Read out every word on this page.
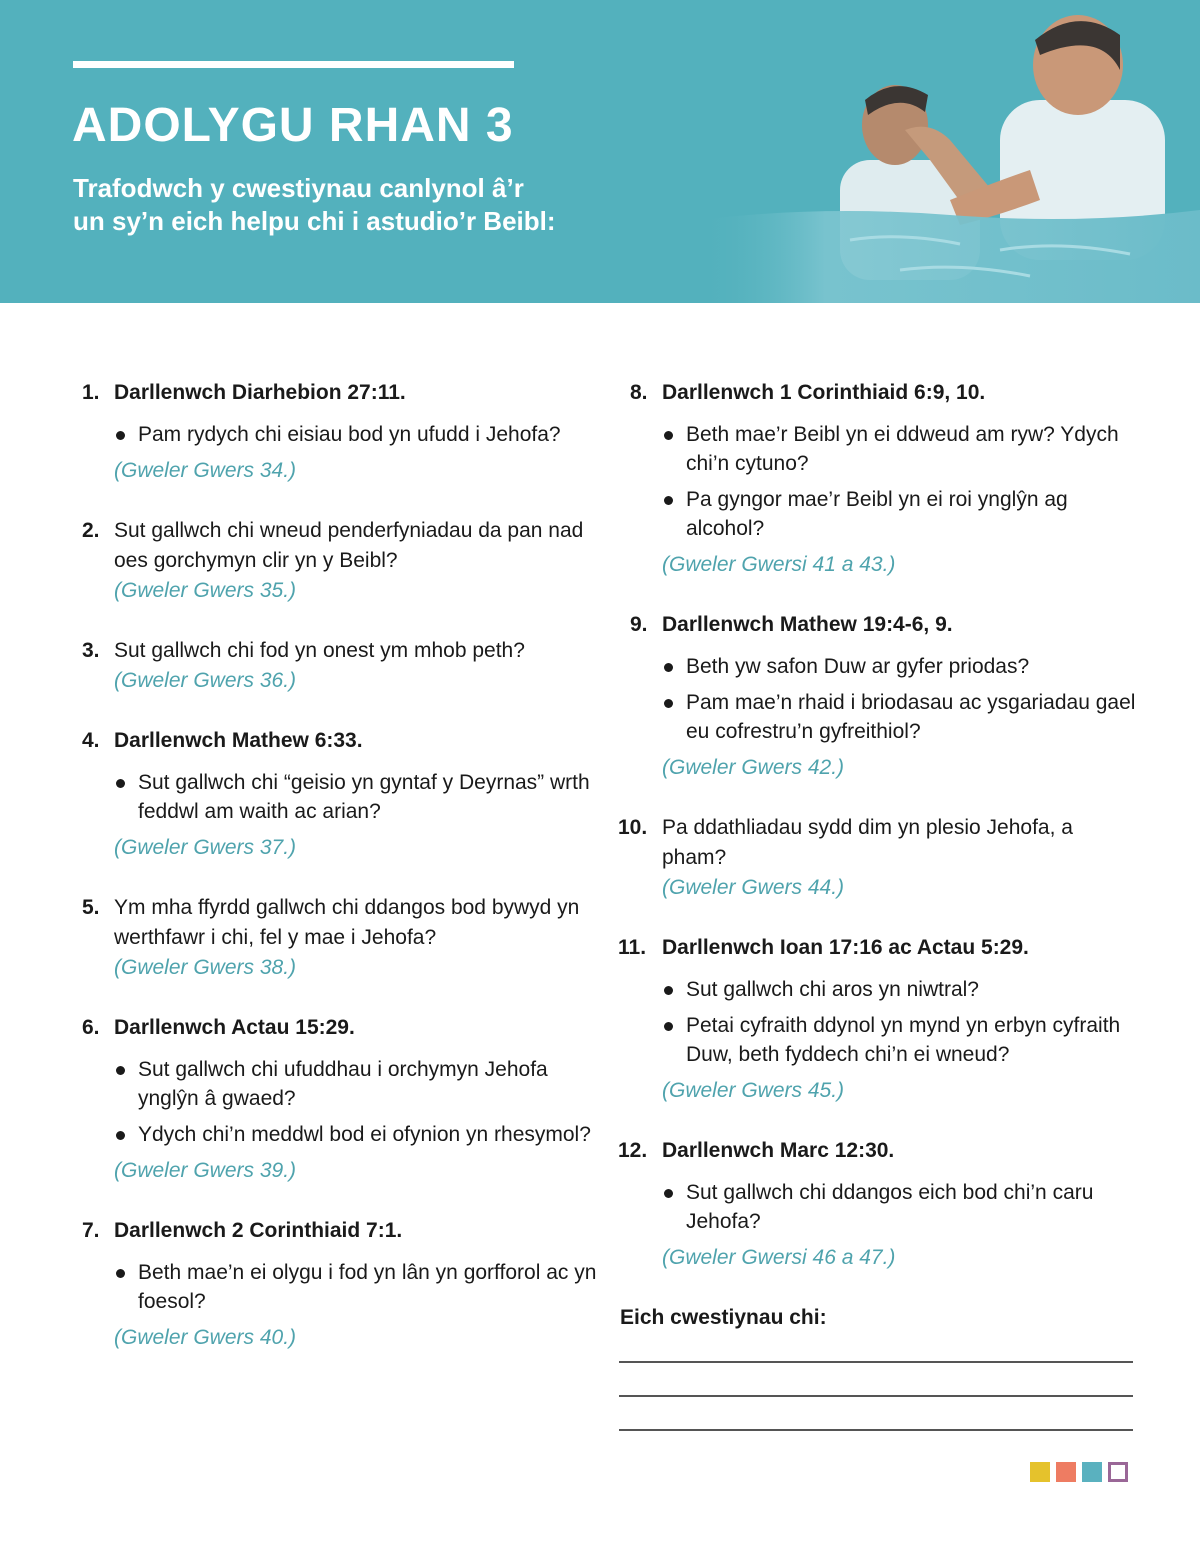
ADOLYGU RHAN 3
Trafodwch y cwestiynau canlynol â’r
un sy’n eich helpu chi i astudio’r Beibl:
1. Darllenwch Diarhebion 27:11.
Pam rydych chi eisiau bod yn ufudd i Jehofa?
(Gweler Gwers 34.)
2. Sut gallwch chi wneud penderfyniadau da pan nad oes gorchymyn clir yn y Beibl?
(Gweler Gwers 35.)
3. Sut gallwch chi fod yn onest ym mhob peth?
(Gweler Gwers 36.)
4. Darllenwch Mathew 6:33.
Sut gallwch chi “geisio yn gyntaf y Deyrnas” wrth feddwl am waith ac arian?
(Gweler Gwers 37.)
5. Ym mha ffyrdd gallwch chi ddangos bod bywyd yn werthfawr i chi, fel y mae i Jehofa?
(Gweler Gwers 38.)
6. Darllenwch Actau 15:29.
Sut gallwch chi ufuddhau i orchymyn Jehofa ynglŷn â gwaed?
Ydych chi’n meddwl bod ei ofynion yn rhesymol?
(Gweler Gwers 39.)
7. Darllenwch 2 Corinthiaid 7:1.
Beth mae’n ei olygu i fod yn lân yn gorfforol ac yn foesol?
(Gweler Gwers 40.)
8. Darllenwch 1 Corinthiaid 6:9, 10.
Beth mae’r Beibl yn ei ddweud am ryw? Ydych chi’n cytuno?
Pa gyngor mae’r Beibl yn ei roi ynglŷn ag alcohol?
(Gweler Gwersi 41 a 43.)
9. Darllenwch Mathew 19:4-6, 9.
Beth yw safon Duw ar gyfer priodas?
Pam mae’n rhaid i briodasau ac ysgariadau gael eu cofrestru’n gyfreithiol?
(Gweler Gwers 42.)
10. Pa ddathliadau sydd dim yn plesio Jehofa, a pham?
(Gweler Gwers 44.)
11. Darllenwch Ioan 17:16 ac Actau 5:29.
Sut gallwch chi aros yn niwtral?
Petai cyfraith ddynol yn mynd yn erbyn cyfraith Duw, beth fyddech chi’n ei wneud?
(Gweler Gwers 45.)
12. Darllenwch Marc 12:30.
Sut gallwch chi ddangos eich bod chi’n caru Jehofa?
(Gweler Gwersi 46 a 47.)
Eich cwestiynau chi:
